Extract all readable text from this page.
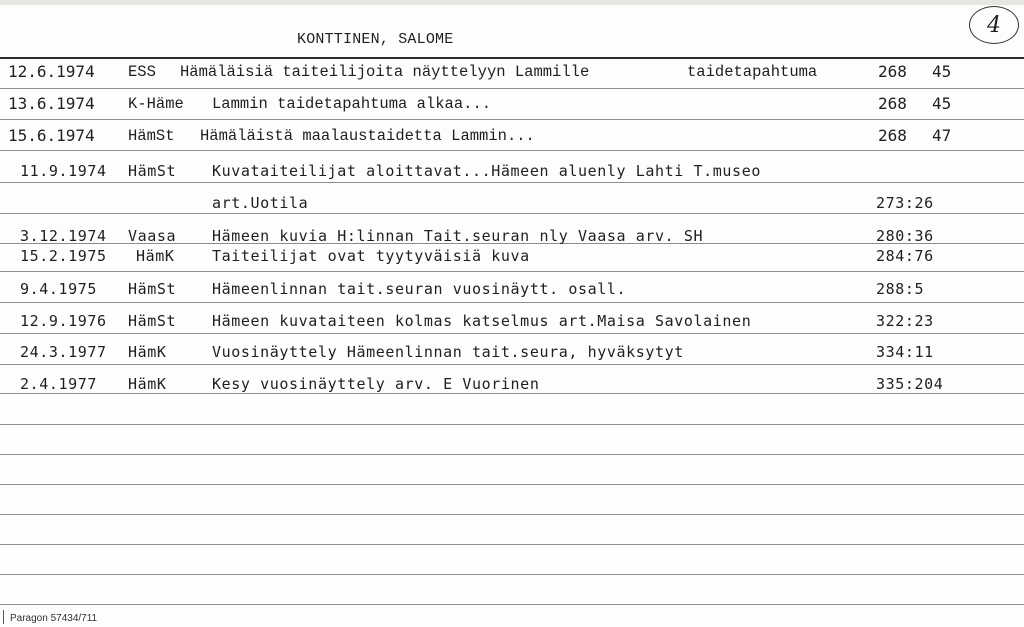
KONTTINEN, SALOME
4
12.6.1974 ESS Hämäläisiä taiteilijoita näyttelyyn Lammille	taidetapahtuma	268 45
13.6.1974 K-Häme Lammin taidetapahtuma alkaa...	268 45
15.6.1974 HämSt Hämäläistä maalaustaidetta Lammin...	268 47
11.9.1974 HämSt Kuvataiteilijat aloittavat...Hämeen aluenly Lahti T.museo
art.Uotila	273:26
3.12.1974 Vaasa Hämeen kuvia H:linnan Tait.seuran nly Vaasa arv. SH	280:36
15.2.1975 HämK Taiteilijat ovat tyytyväisiä kuva	284:76
9.4.1975 HämSt Hämeenlinnan tait.seuran vuosinäytt. osall.	288:5
12.9.1976 HämSt Hämeen kuvataiteen kolmas katselmus art.Maisa Savolainen	322:23
24.3.1977 HämK	Vuosinäyttely Hämeenlinnan tait.seura, hyväksytyt	334:11
2.4.1977 HämK	Kesy vuosinäyttely arv. E Vuorinen	335:204
Paragon 57434/711
